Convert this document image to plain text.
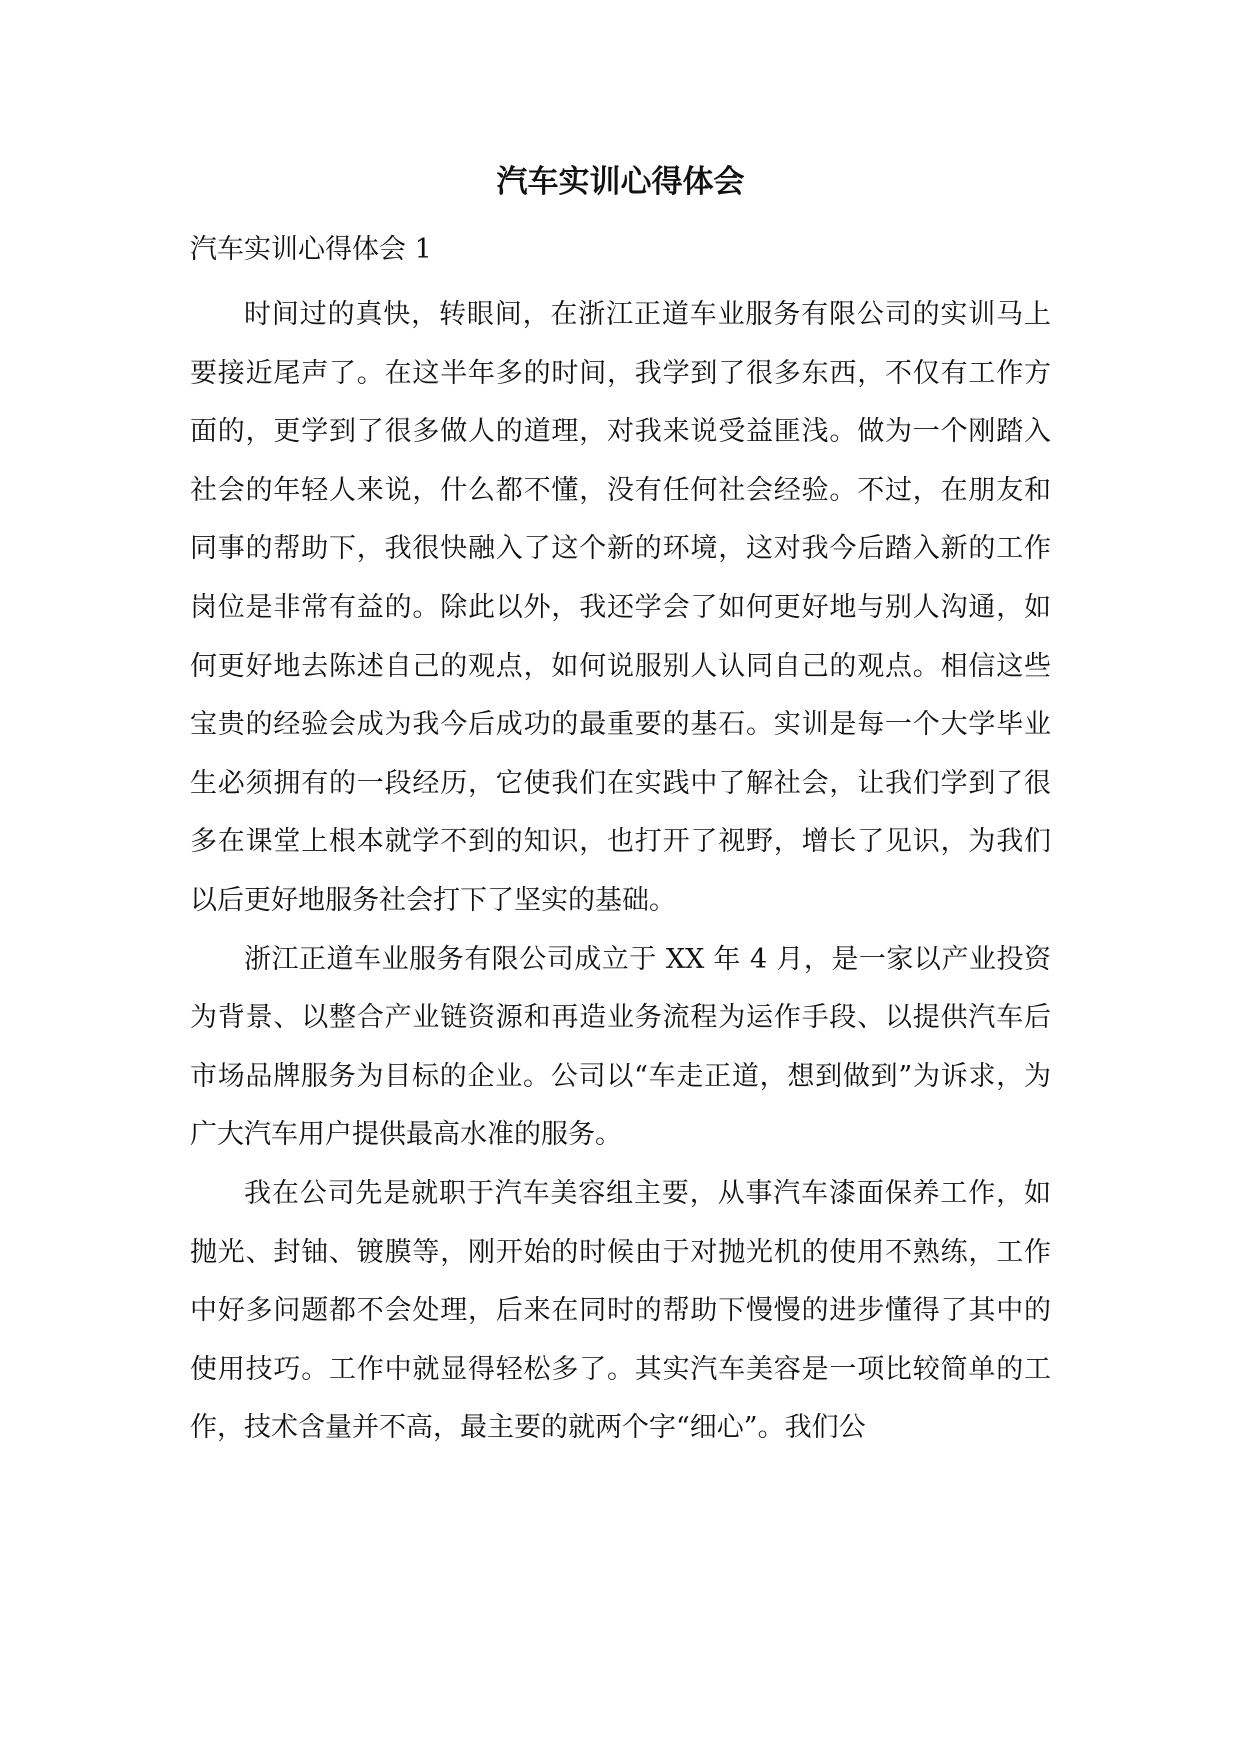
汽车实训心得体会

汽车实训心得体会 1

时间过的真快，转眼间，在浙江正道车业服务有限公司的实训马上要接近尾声了。在这半年多的时间，我学到了很多东西，不仅有工作方面的，更学到了很多做人的道理，对我来说受益匪浅。做为一个刚踏入社会的年轻人来说，什么都不懂，没有任何社会经验。不过，在朋友和同事的帮助下，我很快融入了这个新的环境，这对我今后踏入新的工作岗位是非常有益的。除此以外，我还学会了如何更好地与别人沟通，如何更好地去陈述自己的观点，如何说服别人认同自己的观点。相信这些宝贵的经验会成为我今后成功的最重要的基石。实训是每一个大学毕业生必须拥有的一段经历，它使我们在实践中了解社会，让我们学到了很多在课堂上根本就学不到的知识，也打开了视野，增长了见识，为我们以后更好地服务社会打下了坚实的基础。

浙江正道车业服务有限公司成立于 XX 年 4 月，是一家以产业投资为背景、以整合产业链资源和再造业务流程为运作手段、以提供汽车后市场品牌服务为目标的企业。公司以“车走正道，想到做到”为诉求，为广大汽车用户提供最高水准的服务。

我在公司先是就职于汽车美容组主要，从事汽车漆面保养工作，如抛光、封铀、镀膜等，刚开始的时候由于对抛光机的使用不熟练，工作中好多问题都不会处理，后来在同时的帮助下慢慢的进步懂得了其中的使用技巧。工作中就显得轻松多了。其实汽车美容是一项比较简单的工作，技术含量并不高，最主要的就两个字“细心”。我们公
